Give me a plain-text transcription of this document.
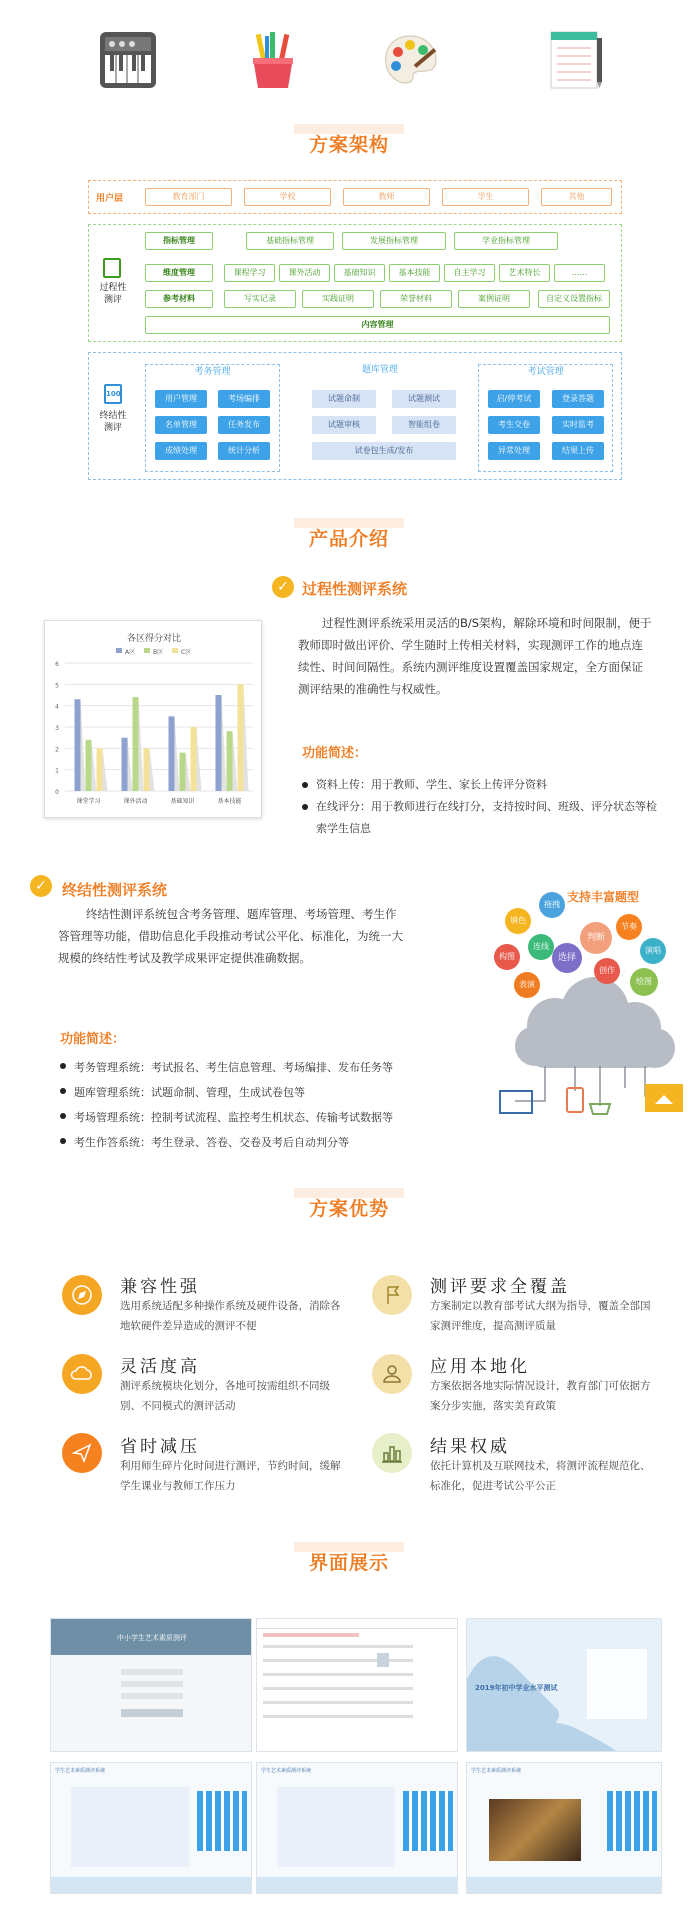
方案架构
用户层	教育部门	学校	教师	学生	其他
过程性
测评
指标管理	基础指标管理	发展指标管理	学业指标管理
维度管理	课程学习	课外活动	基础知识	基本技能	自主学习	艺术特长	......
参考材料	写实记录	实践证明	荣誉材料	案例证明	自定义设置指标
内容管理
100
终结性
测评
考务管理
用户管理	考场编排
名单管理	任务发布
成绩处理	统计分析
题库管理
试题命制	试题测试
试题审核	智能组卷
试卷包生成/发布
考试管理
启/停考试	登录答题
考生交卷	实时监考
异常处理	结果上传
产品介绍
✓ 过程性测评系统
各区得分对比
A区	B区	C区
0
1
2
3
4
5
6
课堂学习	课外活动	基础知识	基本技能
过程性测评系统采用灵活的B/S架构，解除环境和时间限制，便于教师即时做出评价、学生随时上传相关材料，实现测评工作的地点连续性、时间间隔性。系统内测评维度设置覆盖国家规定，全方面保证测评结果的准确性与权威性。
功能简述：
资料上传：用于教师、学生、家长上传评分资料
在线评分：用于教师进行在线打分，支持按时间、班级、评分状态等检索学生信息
✓	终结性测评系统
终结性测评系统包含考务管理、题库管理、考场管理、考生作答管理等功能，借助信息化手段推动考试公平化、标准化，为统一大规模的终结性考试及教学成果评定提供准确数据。
功能简述：
考务管理系统：考试报名、考生信息管理、考场编排、发布任务等
题库管理系统：试题命制、管理，生成试卷包等
考场管理系统：控制考试流程、监控考生机状态、传输考试数据等
考生作答系统：考生登录、答卷、交卷及考后自动判分等
支持丰富题型
拖拽
填色
连线
判断
节奏
构图	选择
演唱
表演
创作
绘图
方案优势
兼容性强
选用系统适配多种操作系统及硬件设备，消除各地软硬件差异造成的测评不便
测评要求全覆盖
方案制定以教育部考试大纲为指导，覆盖全部国家测评维度，提高测评质量
灵活度高
测评系统模块化划分，各地可按需组织不同级别、不同模式的测评活动
应用本地化
方案依据各地实际情况设计，教育部门可依据方案分步实施，落实美育政策
省时减压
利用师生碎片化时间进行测评，节约时间，缓解学生课业与教师工作压力
结果权威
依托计算机及互联网技术，将测评流程规范化、标准化，促进考试公平公正
界面展示
中小学生艺术素质测评
2019年初中学业水平测试
学生艺术素质测评系统	学生艺术素质测评系统	学生艺术素质测评系统
